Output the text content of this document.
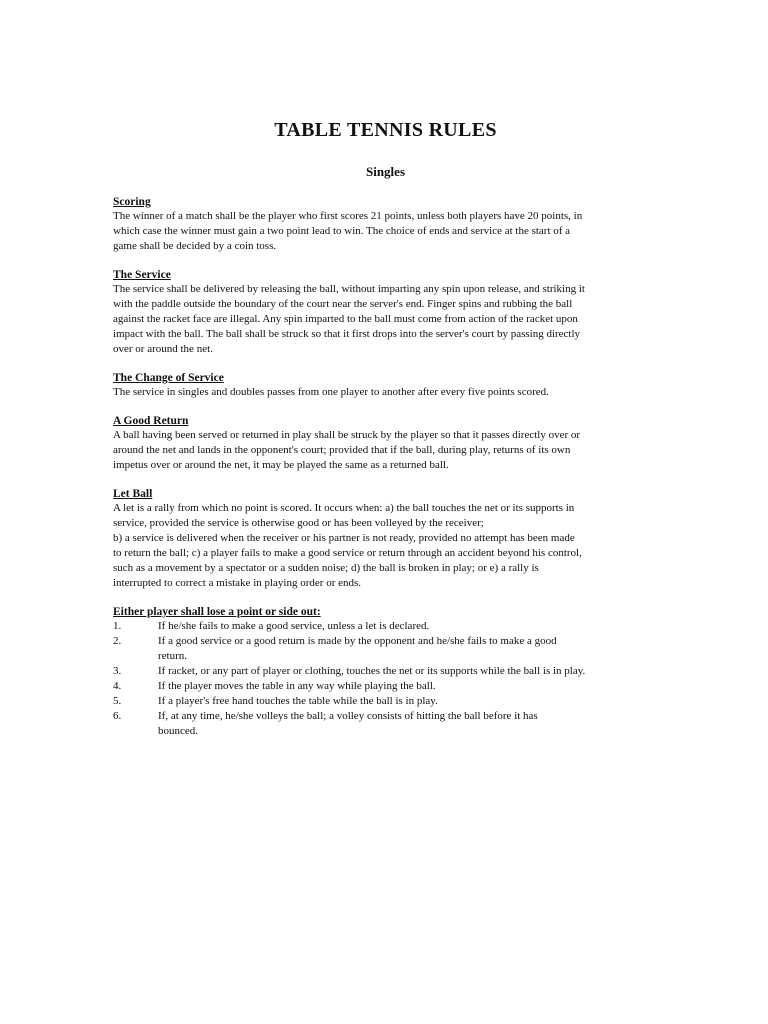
TABLE TENNIS RULES
Singles

Scoring

The winner of a match shall be the player who first scores 21 points, unless both players have 20 points, in
which case the winner must gain a two point lead to win. The choice of ends and service at the start of a
game shall be decided by a coin toss.

The Service

The service shall be delivered by releasing the ball, without imparting any spin upon release, and striking it
with the paddle outside the boundary of the court near the server's end. Finger spins and rubbing the ball
against the racket face are illegal. Any spin imparted to the ball must come from action of the racket upon
impact with the ball. The ball shall be struck so that it first drops into the server's court by passing directly
over or around the net.

The Change of Service

The service in singles and doubles passes from one player to another after every five points scored.

A Good Return

A ball having been served or returned in play shall be struck by the player so that it passes directly over or
around the net and lands in the opponent's court; provided that if the ball, during play, returns of its own
impetus over or around the net, it may be played the same as a returned ball.

Let Ball

A let is a rally from which no point is scored. It occurs when: a) the ball touches the net or its supports in
service, provided the service is otherwise good or has been volleyed by the receiver;
b) a service is delivered when the receiver or his partner is not ready, provided no attempt has been made
to return the ball; c) a player fails to make a good service or return through an accident beyond his control,
such as a movement by a spectator or a sudden noise; d) the ball is broken in play; or e) a rally is
interrupted to correct a mistake in playing order or ends.

Either player shall lose a point or side out:

1.	If he/she fails to make a good service, unless a let is declared.
2.	If a good service or a good return is made by the opponent and he/she fails to make a good
return.
3.	If racket, or any part of player or clothing, touches the net or its supports while the ball is in play.
4.	If the player moves the table in any way while playing the ball.
5.	If a player's free hand touches the table while the ball is in play.
6.	If, at any time, he/she volleys the ball; a volley consists of hitting the ball before it has
bounced.
